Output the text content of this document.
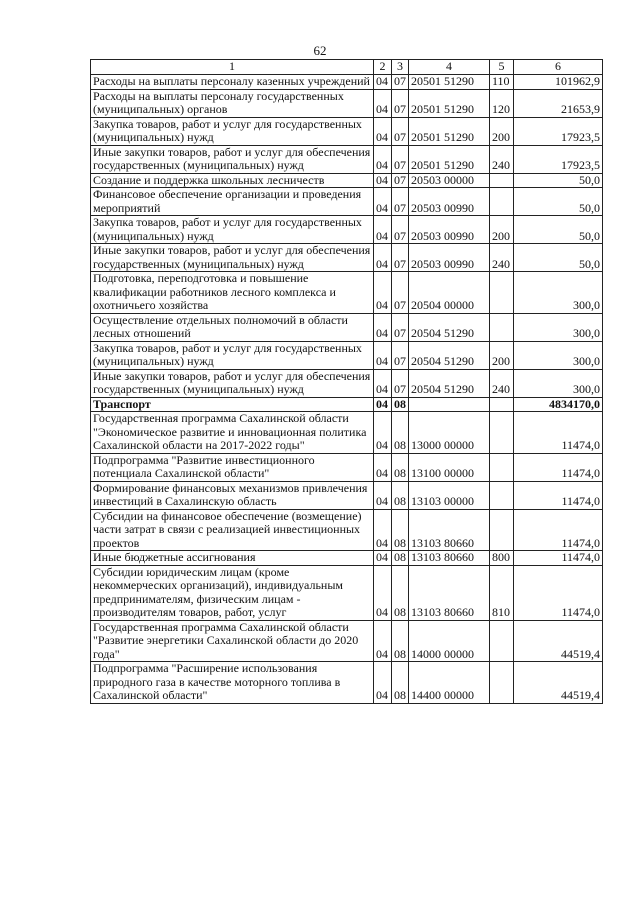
62
1	2	3	4	5	6
Расходы на выплаты персоналу казенных учреждений	04	07	20501 51290	110	101962,9
Расходы на выплаты персоналу государственных (муниципальных) органов	04	07	20501 51290	120	21653,9
Закупка товаров, работ и услуг для государственных (муниципальных) нужд	04	07	20501 51290	200	17923,5
Иные закупки товаров, работ и услуг для обеспечения государственных (муниципальных) нужд	04	07	20501 51290	240	17923,5
Создание и поддержка школьных лесничеств	04	07	20503 00000		50,0
Финансовое обеспечение организации и проведения мероприятий	04	07	20503 00990		50,0
Закупка товаров, работ и услуг для государственных (муниципальных) нужд	04	07	20503 00990	200	50,0
Иные закупки товаров, работ и услуг для обеспечения государственных (муниципальных) нужд	04	07	20503 00990	240	50,0
Подготовка, переподготовка и повышение квалификации работников лесного комплекса и охотничьего хозяйства	04	07	20504 00000		300,0
Осуществление отдельных полномочий в области лесных отношений	04	07	20504 51290		300,0
Закупка товаров, работ и услуг для государственных (муниципальных) нужд	04	07	20504 51290	200	300,0
Иные закупки товаров, работ и услуг для обеспечения государственных (муниципальных) нужд	04	07	20504 51290	240	300,0
Транспорт	04	08			4834170,0
Государственная программа Сахалинской области "Экономическое развитие и инновационная политика Сахалинской области на 2017-2022 годы"	04	08	13000 00000		11474,0
Подпрограмма "Развитие инвестиционного потенциала Сахалинской области"	04	08	13100 00000		11474,0
Формирование финансовых механизмов привлечения инвестиций в Сахалинскую область	04	08	13103 00000		11474,0
Субсидии на финансовое обеспечение (возмещение) части затрат в связи с реализацией инвестиционных проектов	04	08	13103 80660		11474,0
Иные бюджетные ассигнования	04	08	13103 80660	800	11474,0
Субсидии юридическим лицам (кроме некоммерческих организаций), индивидуальным предпринимателям, физическим лицам - производителям товаров, работ, услуг	04	08	13103 80660	810	11474,0
Государственная программа Сахалинской области "Развитие энергетики Сахалинской области до 2020 года"	04	08	14000 00000		44519,4
Подпрограмма "Расширение использования природного газа в качестве моторного топлива в Сахалинской области"	04	08	14400 00000		44519,4
